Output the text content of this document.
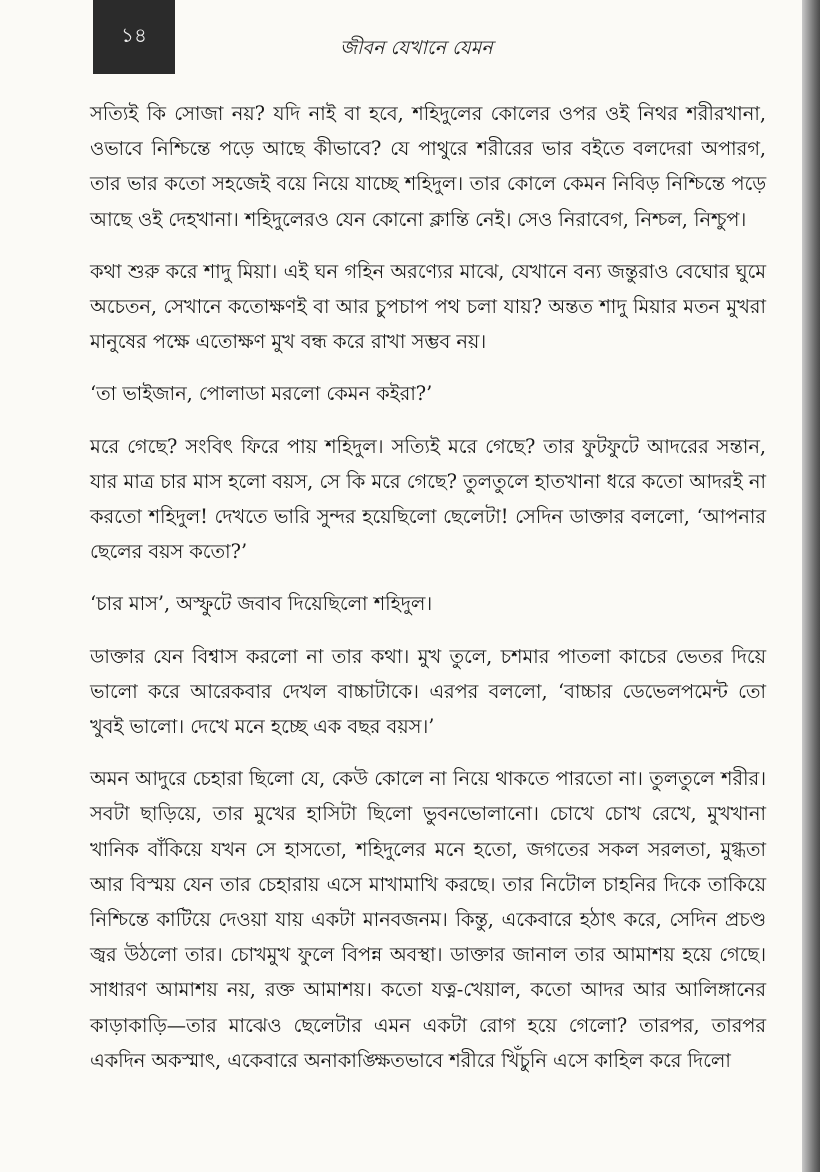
১৪
জীবন যেখানে যেমন

সত্যিই কি সোজা নয়? যদি নাই বা হবে, শহিদুলের কোলের ওপর ওই নিথর শরীরখানা, ওভাবে নিশ্চিন্তে পড়ে আছে কীভাবে? যে পাথুরে শরীরের ভার বইতে বলদেরা অপারগ, তার ভার কতো সহজেই বয়ে নিয়ে যাচ্ছে শহিদুল। তার কোলে কেমন নিবিড় নিশ্চিন্তে পড়ে আছে ওই দেহখানা। শহিদুলেরও যেন কোনো ক্লান্তি নেই। সেও নিরাবেগ, নিশ্চল, নিশ্চুপ।

কথা শুরু করে শাদু মিয়া। এই ঘন গহিন অরণ্যের মাঝে, যেখানে বন্য জন্তুরাও বেঘোর ঘুমে অচেতন, সেখানে কতোক্ষণই বা আর চুপচাপ পথ চলা যায়? অন্তত শাদু মিয়ার মতন মুখরা মানুষের পক্ষে এতোক্ষণ মুখ বন্ধ করে রাখা সম্ভব নয়।

‘তা ভাইজান, পোলাডা মরলো কেমন কইরা?’

মরে গেছে? সংবিৎ ফিরে পায় শহিদুল। সত্যিই মরে গেছে? তার ফুটফুটে আদরের সন্তান, যার মাত্র চার মাস হলো বয়স, সে কি মরে গেছে? তুলতুলে হাতখানা ধরে কতো আদরই না করতো শহিদুল! দেখতে ভারি সুন্দর হয়েছিলো ছেলেটা! সেদিন ডাক্তার বললো, ‘আপনার ছেলের বয়স কতো?’

‘চার মাস’, অস্ফুটে জবাব দিয়েছিলো শহিদুল।

ডাক্তার যেন বিশ্বাস করলো না তার কথা। মুখ তুলে, চশমার পাতলা কাচের ভেতর দিয়ে ভালো করে আরেকবার দেখল বাচ্চাটাকে। এরপর বললো, ‘বাচ্চার ডেভেলপমেন্ট তো খুবই ভালো। দেখে মনে হচ্ছে এক বছর বয়স।’

অমন আদুরে চেহারা ছিলো যে, কেউ কোলে না নিয়ে থাকতে পারতো না। তুলতুলে শরীর। সবটা ছাড়িয়ে, তার মুখের হাসিটা ছিলো ভুবনভোলানো। চোখে চোখ রেখে, মুখখানা খানিক বাঁকিয়ে যখন সে হাসতো, শহিদুলের মনে হতো, জগতের সকল সরলতা, মুগ্ধতা আর বিস্ময় যেন তার চেহারায় এসে মাখামাখি করছে। তার নিটোল চাহনির দিকে তাকিয়ে নিশ্চিন্তে কাটিয়ে দেওয়া যায় একটা মানবজনম। কিন্তু, একেবারে হঠাৎ করে, সেদিন প্রচণ্ড জ্বর উঠলো তার। চোখমুখ ফুলে বিপন্ন অবস্থা। ডাক্তার জানাল তার আমাশয় হয়ে গেছে। সাধারণ আমাশয় নয়, রক্ত আমাশয়। কতো যত্ন-খেয়াল, কতো আদর আর আলিঙ্গানের কাড়াকাড়ি—তার মাঝেও ছেলেটার এমন একটা রোগ হয়ে গেলো? তারপর, তারপর একদিন অকস্মাৎ, একেবারে অনাকাঙ্ক্ষিতভাবে শরীরে খিঁচুনি এসে কাহিল করে দিলো
